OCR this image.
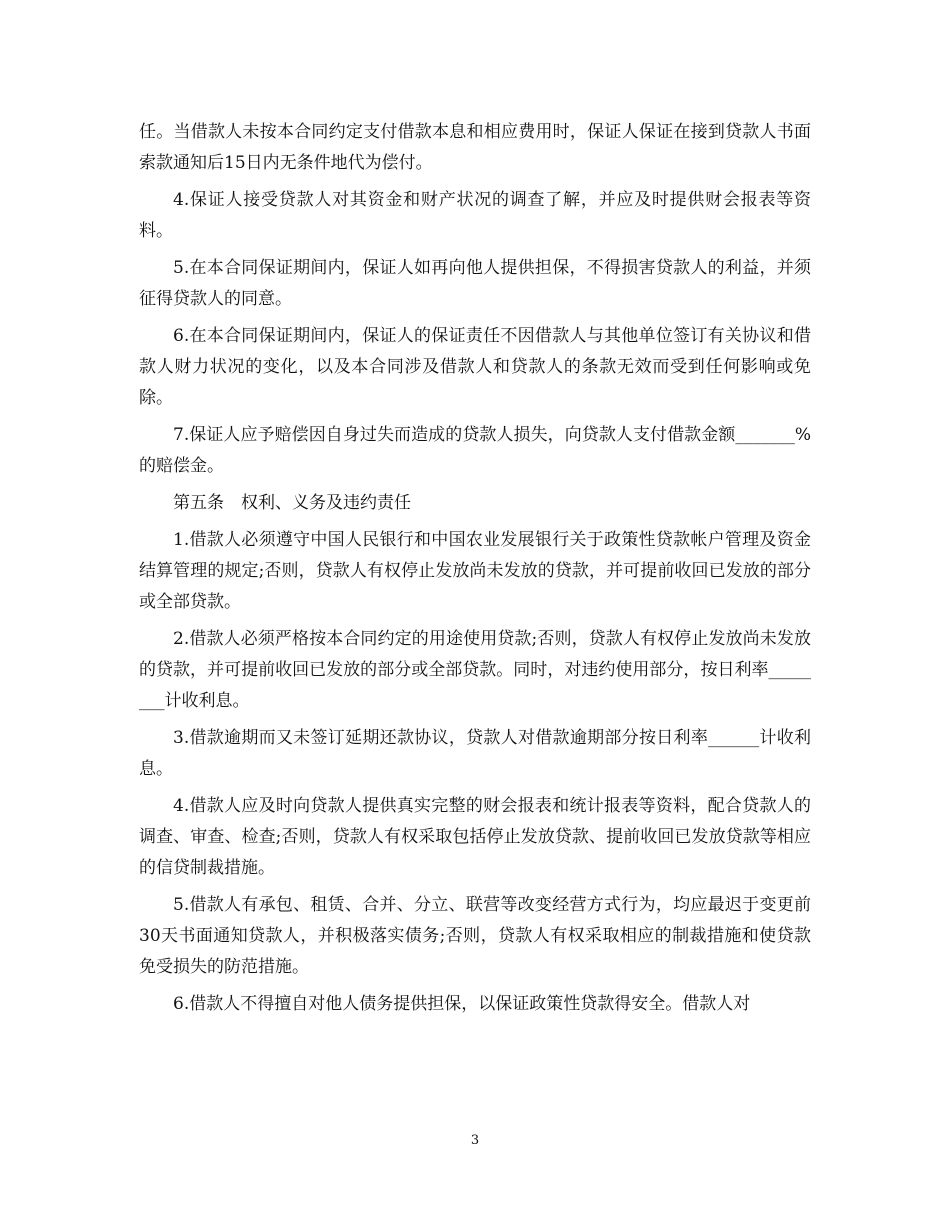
任。当借款人未按本合同约定支付借款本息和相应费用时，保证人保证在接到贷款人书面索款通知后15日内无条件地代为偿付。

4.保证人接受贷款人对其资金和财产状况的调查了解，并应及时提供财会报表等资料。

5.在本合同保证期间内，保证人如再向他人提供担保，不得损害贷款人的利益，并须征得贷款人的同意。

6.在本合同保证期间内，保证人的保证责任不因借款人与其他单位签订有关协议和借款人财力状况的变化，以及本合同涉及借款人和贷款人的条款无效而受到任何影响或免除。

7.保证人应予赔偿因自身过失而造成的贷款人损失，向贷款人支付借款金额_______%的赔偿金。

第五条　权利、义务及违约责任

1.借款人必须遵守中国人民银行和中国农业发展银行关于政策性贷款帐户管理及资金结算管理的规定;否则，贷款人有权停止发放尚未发放的贷款，并可提前收回已发放的部分或全部贷款。

2.借款人必须严格按本合同约定的用途使用贷款;否则，贷款人有权停止发放尚未发放的贷款，并可提前收回已发放的部分或全部贷款。同时，对违约使用部分，按日利率________计收利息。

3.借款逾期而又未签订延期还款协议，贷款人对借款逾期部分按日利率______计收利息。

4.借款人应及时向贷款人提供真实完整的财会报表和统计报表等资料，配合贷款人的调查、审查、检查;否则，贷款人有权采取包括停止发放贷款、提前收回已发放贷款等相应的信贷制裁措施。

5.借款人有承包、租赁、合并、分立、联营等改变经营方式行为，均应最迟于变更前30天书面通知贷款人，并积极落实债务;否则，贷款人有权采取相应的制裁措施和使贷款免受损失的防范措施。

6.借款人不得擅自对他人债务提供担保，以保证政策性贷款得安全。借款人对

3
